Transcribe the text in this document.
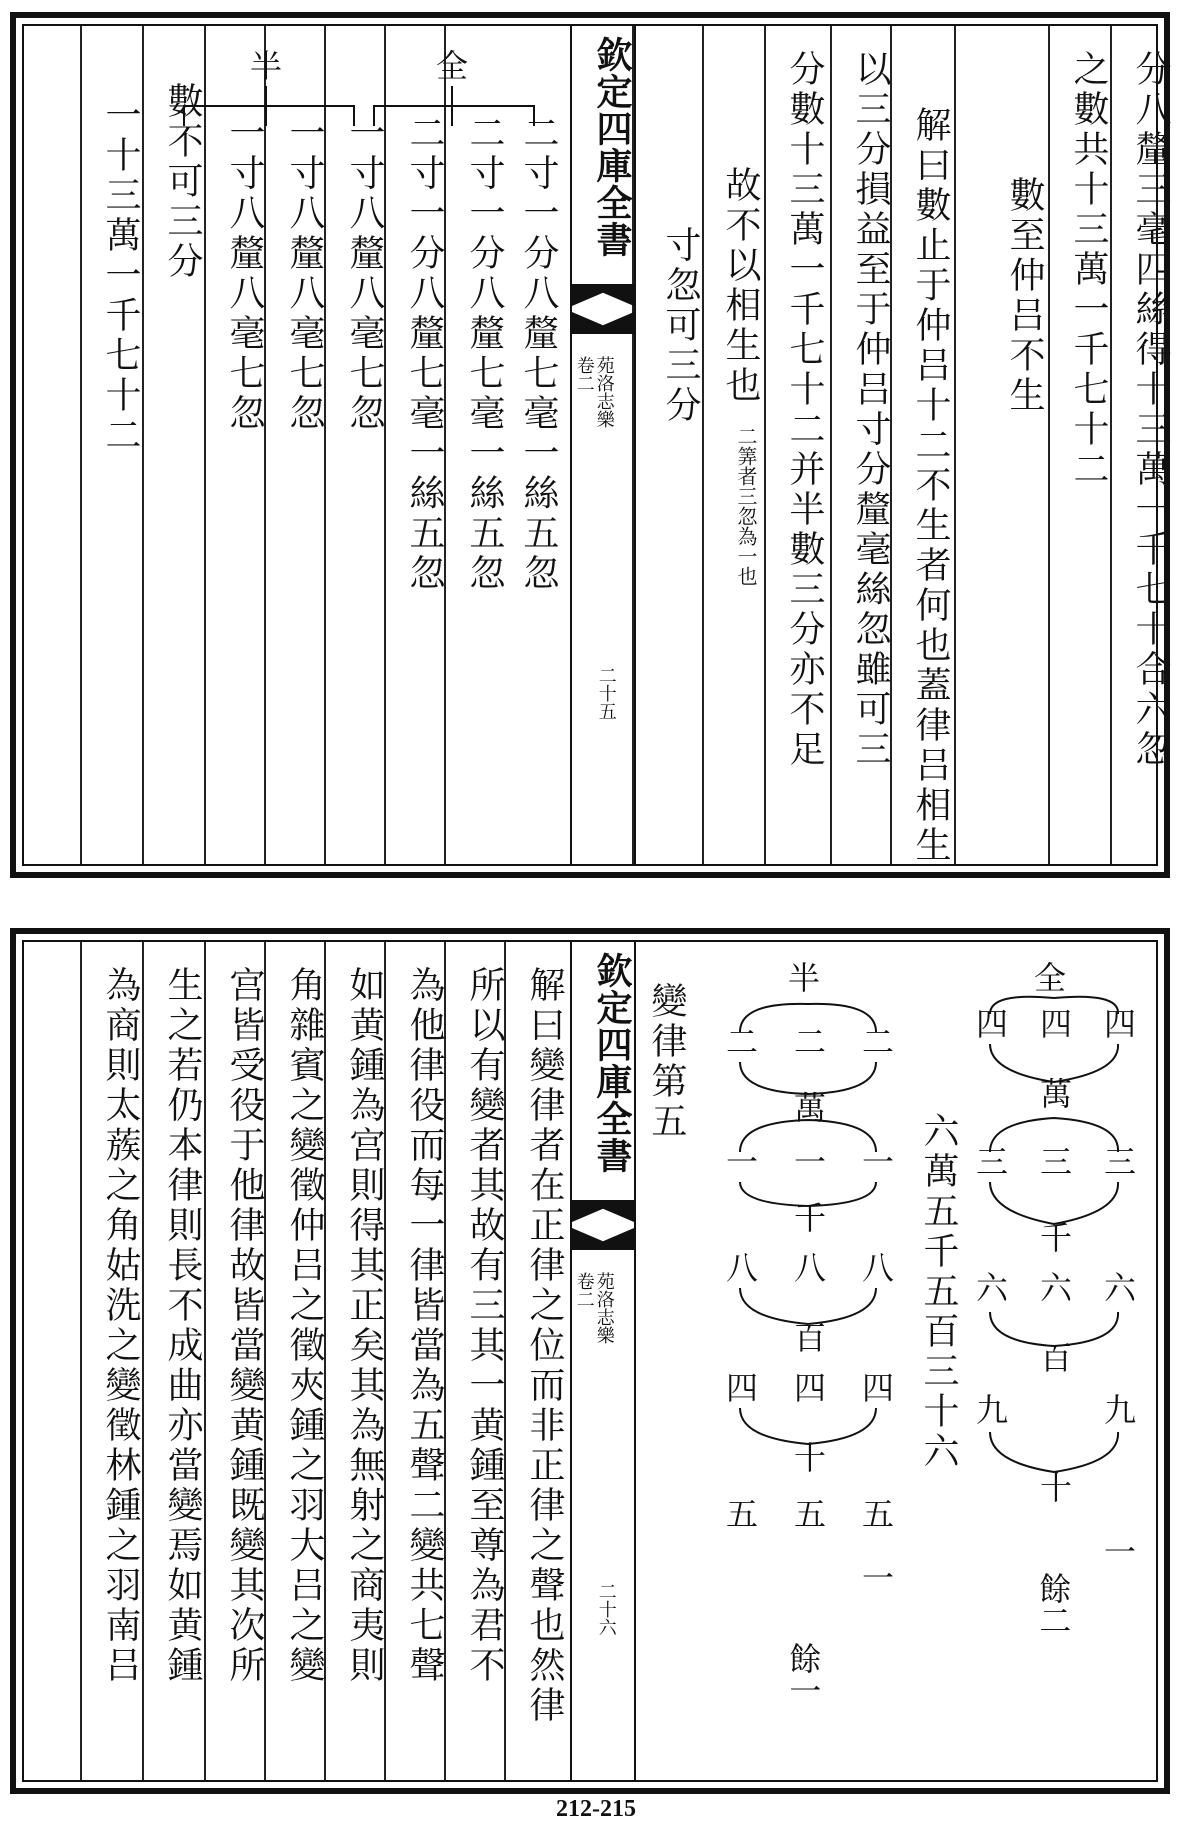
分八釐三毫四絲得十三萬一千七十合六忽
之數共十三萬一千七十二
數至仲吕不生
解曰數止于仲吕十二不生者何也蓋律吕相生
以三分損益至于仲吕寸分釐毫絲忽雖可三
分數十三萬一千七十二并半數三分亦不足
故不以相生也
二筭者三忽為一也
寸忽可三分
欽定四庫全書
苑洛志樂
卷二
二十五
二寸一分八釐七毫一絲五忽
二寸一分八釐七毫一絲五忽
二寸一分八釐七毫一絲五忽
一寸八釐八毫七忽
一寸八釐八毫七忽
一寸八釐八毫七忽
全
半
數不可三分
一十三萬一千七十二
全
四 四 四
萬
三 三 三
千
六 六 六
百
九	九
十
一
餘二
六萬五千五百三十六
半
二 二 二
萬
一 一 一
千
八 八 八
百
四 四 四
十
五 五 五
一
餘一
變律第五
欽定四庫全書
苑洛志樂
卷二
二十六
解曰變律者在正律之位而非正律之聲也然律
所以有變者其故有三其一黄鍾至尊為君不
為他律役而每一律皆當為五聲二變共七聲
如黄鍾為宫則得其正矣其為無射之商夷則
角雜賓之變徵仲吕之徵夾鍾之羽大吕之變
宫皆受役于他律故皆當變黄鍾既變其次所
生之若仍本律則長不成曲亦當變焉如黄鍾
為商則太蔟之角姑洗之變徵林鍾之羽南吕
212-215
